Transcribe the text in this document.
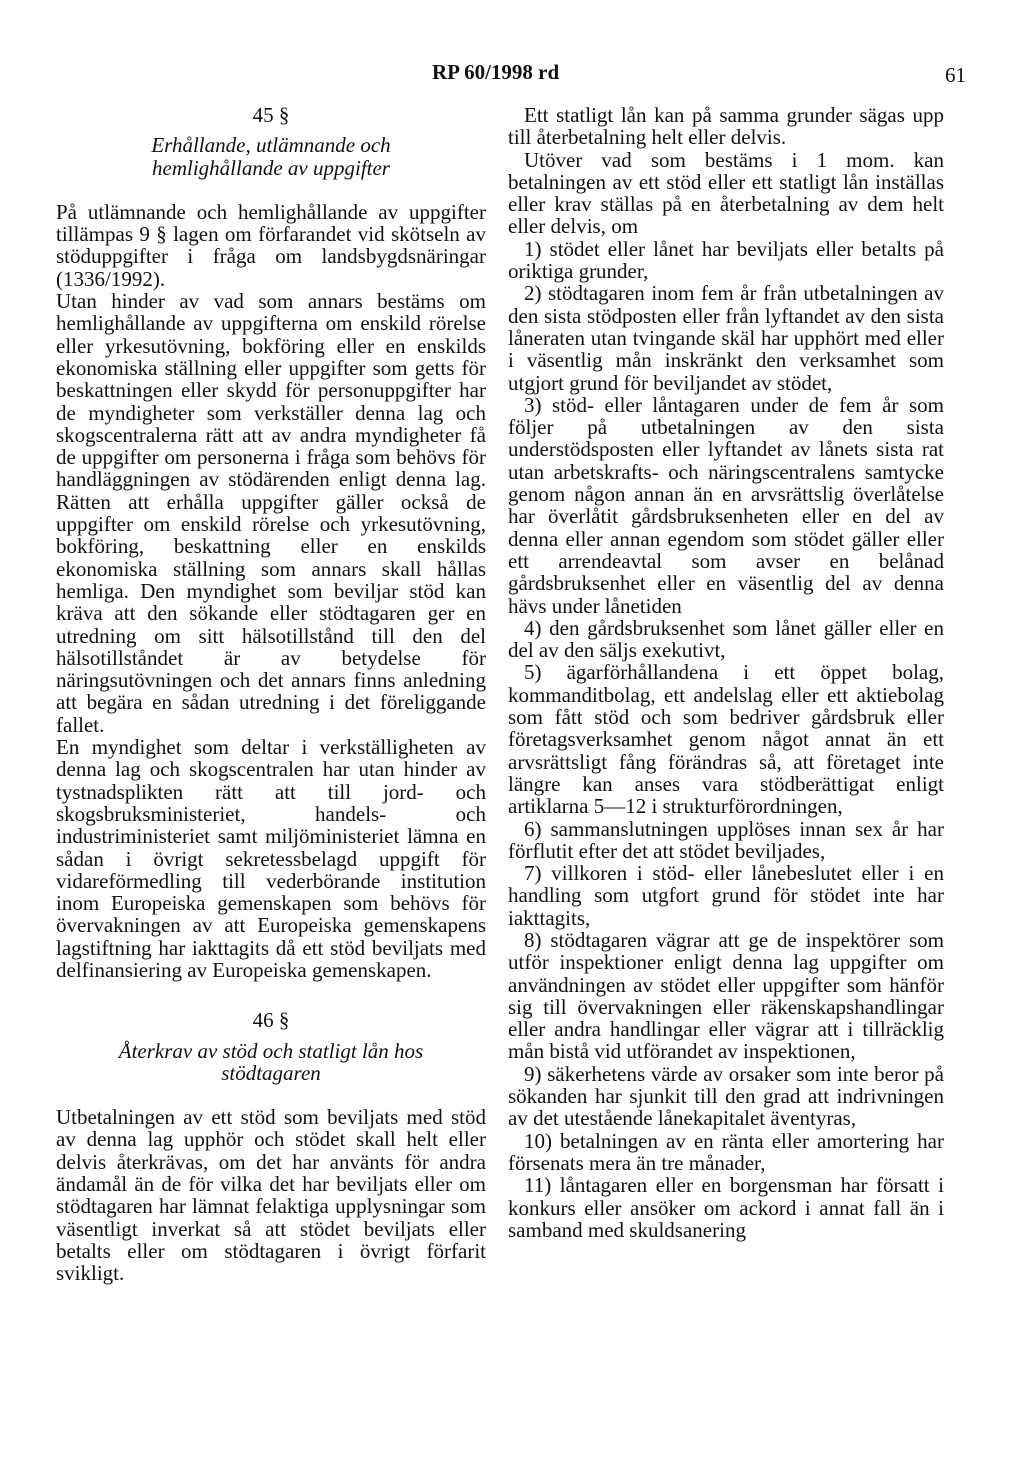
RP 60/1998 rd	61
45 §
Erhållande, utlämnande och hemlighållande av uppgifter

På utlämnande och hemlighållande av uppgifter tillämpas 9 § lagen om förfarandet vid skötseln av stöduppgifter i fråga om landsbygdsnäringar (1336/1992).

Utan hinder av vad som annars bestäms om hemlighållande av uppgifterna om enskild rörelse eller yrkesutövning, bokföring eller en enskilds ekonomiska ställning eller uppgifter som getts för beskattningen eller skydd för personuppgifter har de myndigheter som verkställer denna lag och skogscentralerna rätt att av andra myndigheter få de uppgifter om personerna i fråga som behövs för handläggningen av stödärenden enligt denna lag. Rätten att erhålla uppgifter gäller också de uppgifter om enskild rörelse och yrkesutövning, bokföring, beskattning eller en enskilds ekonomiska ställning som annars skall hållas hemliga. Den myndighet som beviljar stöd kan kräva att den sökande eller stödtagaren ger en utredning om sitt hälsotillstånd till den del hälsotillståndet är av betydelse för näringsutövningen och det annars finns anledning att begära en sådan utredning i det föreliggande fallet.

En myndighet som deltar i verkställigheten av denna lag och skogscentralen har utan hinder av tystnadsplikten rätt att till jord- och skogsbruksministeriet, handels- och industriministeriet samt miljöministeriet lämna en sådan i övrigt sekretessbelagd uppgift för vidareförmedling till vederbörande institution inom Europeiska gemenskapen som behövs för övervakningen av att Europeiska gemenskapens lagstiftning har iakttagits då ett stöd beviljats med delfinansiering av Europeiska gemenskapen.

46 §
Återkrav av stöd och statligt lån hos stödtagaren

Utbetalningen av ett stöd som beviljats med stöd av denna lag upphör och stödet skall helt eller delvis återkrävas, om det har använts för andra ändamål än de för vilka det har beviljats eller om stödtagaren har lämnat felaktiga upplysningar som väsentligt inverkat så att stödet beviljats eller betalts eller om stödtagaren i övrigt förfarit svikligt.

Ett statligt lån kan på samma grunder sägas upp till återbetalning helt eller delvis.

Utöver vad som bestäms i 1 mom. kan betalningen av ett stöd eller ett statligt lån inställas eller krav ställas på en återbetalning av dem helt eller delvis, om

1) stödet eller lånet har beviljats eller betalts på oriktiga grunder,

2) stödtagaren inom fem år från utbetalningen av den sista stödposten eller från lyftandet av den sista låneraten utan tvingande skäl har upphört med eller i väsentlig mån inskränkt den verksamhet som utgjort grund för beviljandet av stödet,

3) stöd- eller låntagaren under de fem år som följer på utbetalningen av den sista understödsposten eller lyftandet av lånets sista rat utan arbetskrafts- och näringscentralens samtycke genom någon annan än en arvsrättslig överlåtelse har överlåtit gårdsbruksenheten eller en del av denna eller annan egendom som stödet gäller eller ett arrendeavtal som avser en belånad gårdsbruksenhet eller en väsentlig del av denna hävs under lånetiden

4) den gårdsbruksenhet som lånet gäller eller en del av den säljs exekutivt,

5) ägarförhållandena i ett öppet bolag, kommanditbolag, ett andelslag eller ett aktiebolag som fått stöd och som bedriver gårdsbruk eller företagsverksamhet genom något annat än ett arvsrättsligt fång förändras så, att företaget inte längre kan anses vara stödberättigat enligt artiklarna 5—12 i strukturförordningen,

6) sammanslutningen upplöses innan sex år har förflutit efter det att stödet beviljades,

7) villkoren i stöd- eller lånebeslutet eller i en handling som utgfort grund för stödet inte har iakttagits,

8) stödtagaren vägrar att ge de inspektörer som utför inspektioner enligt denna lag uppgifter om användningen av stödet eller uppgifter som hänför sig till övervakningen eller räkenskapshandlingar eller andra handlingar eller vägrar att i tillräcklig mån bistå vid utförandet av inspektionen,

9) säkerhetens värde av orsaker som inte beror på sökanden har sjunkit till den grad att indrivningen av det utestående lånekapitalet äventyras,

10) betalningen av en ränta eller amortering har försenats mera än tre månader,

11) låntagaren eller en borgensman har försatt i konkurs eller ansöker om ackord i annat fall än i samband med skuldsanering
